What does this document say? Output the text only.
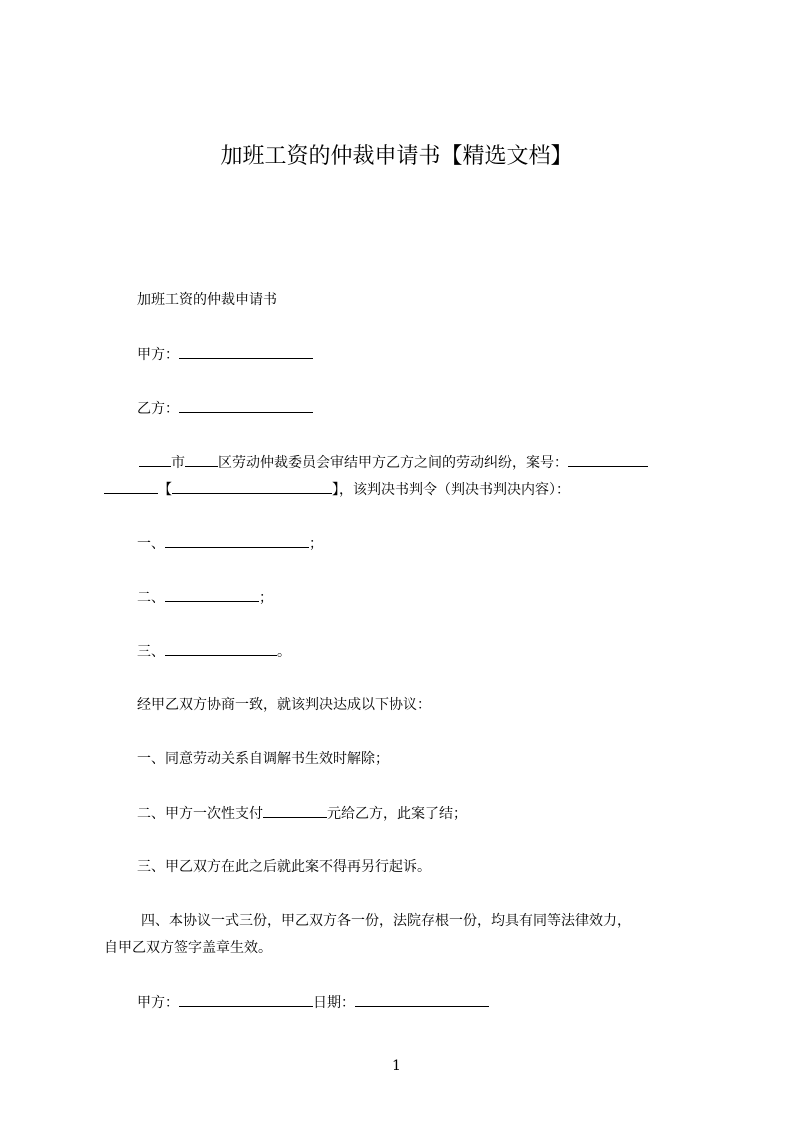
加班工资的仲裁申请书【精选文档】
加班工资的仲裁申请书
甲方：
乙方：
市 区劳动仲裁委员会审结甲方乙方之间的劳动纠纷，案号：
【	】，该判决书判令（判决书判决内容）：
一、	；
二、	；
三、	。
经甲乙双方协商一致，就该判决达成以下协议：
一、同意劳动关系自调解书生效时解除；
二、甲方一次性支付	元给乙方，此案了结；
三、甲乙双方在此之后就此案不得再另行起诉。
四、本协议一式三份，甲乙双方各一份，法院存根一份，均具有同等法律效力，
自甲乙双方签字盖章生效。
甲方：	日期：
1
